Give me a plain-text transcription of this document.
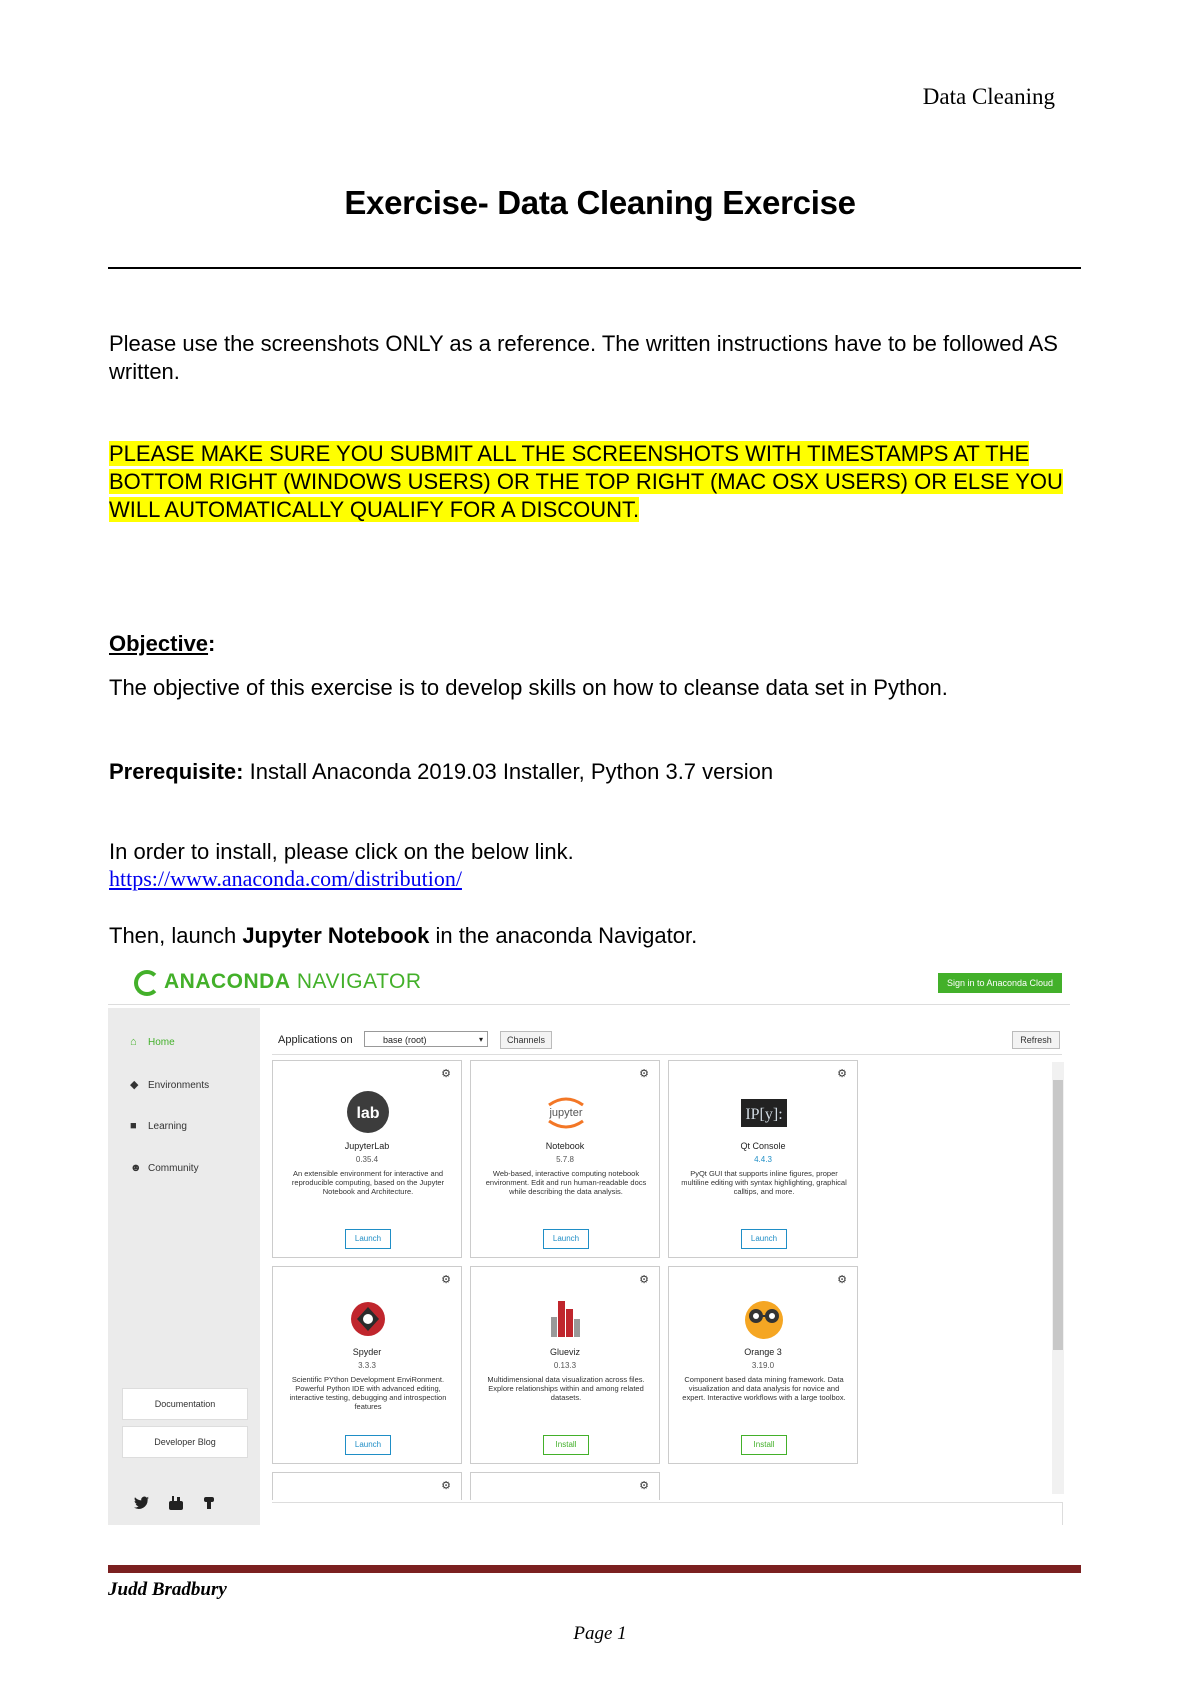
Data Cleaning
Exercise- Data Cleaning Exercise
Please use the screenshots ONLY as a reference. The written instructions have to be followed AS written.
PLEASE MAKE SURE YOU SUBMIT ALL THE SCREENSHOTS WITH TIMESTAMPS AT THE BOTTOM RIGHT (WINDOWS USERS) OR THE TOP RIGHT (MAC OSX USERS) OR ELSE YOU WILL AUTOMATICALLY QUALIFY FOR A DISCOUNT.
Objective:
The objective of this exercise is to develop skills on how to cleanse data set in Python.
Prerequisite: Install Anaconda 2019.03 Installer, Python 3.7 version
In order to install, please click on the below link.
https://www.anaconda.com/distribution/
Then, launch Jupyter Notebook in the anaconda Navigator.
ANACONDA NAVIGATOR	Sign in to Anaconda Cloud
⌂ Home
◆ Environments
■ Learning
☻ Community
Documentation
Developer Blog
Applications on	base (root)	▾	Channels	Refresh
⚙
lab
JupyterLab
0.35.4
An extensible environment for interactive and reproducible computing, based on the Jupyter Notebook and Architecture.
Launch
⚙
jupyter
Notebook
5.7.8
Web-based, interactive computing notebook environment. Edit and run human-readable docs while describing the data analysis.
Launch
⚙
IP[y]:
Qt Console
4.4.3
PyQt GUI that supports inline figures, proper multiline editing with syntax highlighting, graphical calltips, and more.
Launch
⚙
Spyder
3.3.3
Scientific PYthon Development EnviRonment. Powerful Python IDE with advanced editing, interactive testing, debugging and introspection features
Launch
⚙
Glueviz
0.13.3
Multidimensional data visualization across files. Explore relationships within and among related datasets.
Install
⚙
Orange 3
3.19.0
Component based data mining framework. Data visualization and data analysis for novice and expert. Interactive workflows with a large toolbox.
Install
⚙	⚙
Judd Bradbury
Page 1
